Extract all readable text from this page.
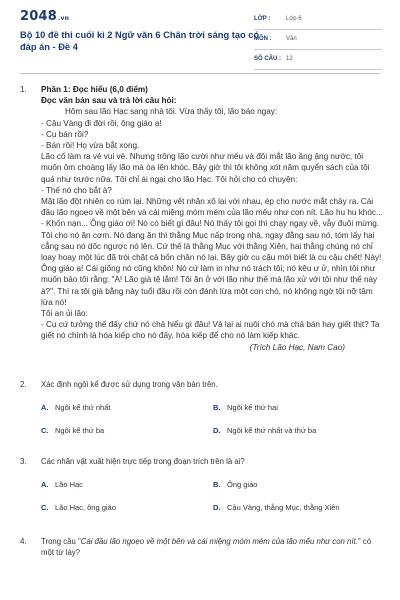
2048.vn
Bộ 10 đề thi cuối kì 2 Ngữ văn 6 Chân trời sáng tạo có đáp án - Đề 4
LỚP :	Lớp 6
MÔN : Văn
SỐ CÂU : 12
1.	Phần 1: Đọc hiểu (6,0 điểm)

Đọc văn bản sau và trả lời câu hỏi:

Hôm sau lão Hạc sang nhà tôi. Vừa thấy tôi, lão báo ngay:

- Cậu Vàng đi đời rồi, ông giáo ạ!

- Cụ bán rồi?

- Bán rồi! Họ vừa bắt xong.

Lão cố làm ra vẻ vui vẻ. Nhưng trông lão cười như mếu và đôi mắt lão ầng ậng nước, tôi muốn ôm choàng lấy lão mà òa lên khóc. Bây giờ thì tôi không xót năm quyển sách của tôi quá như trước nữa. Tôi chỉ ái ngại cho lão Hạc. Tôi hỏi cho có chuyện:

- Thế nó cho bắt à?

Mặt lão đột nhiên co rúm lại. Những vết nhăn xô lại với nhau, ép cho nước mắt chảy ra. Cái đầu lão ngoẹo về một bên và cái miệng móm mém của lão mếu như con nít. Lão hu hu khóc...

- Khốn nạn... Ông giáo ơi! Nó có biết gì đâu! Nó thấy tôi gọi thì chạy ngay về, vẫy đuôi mừng. Tôi cho nó ăn cơm. Nó đang ăn thì thằng Mục nấp trong nhà, ngay đằng sau nó, tóm lấy hai cẳng sau nó dốc ngược nó lên. Cứ thế là thằng Mục với thằng Xiên, hai thằng chúng nó chỉ loay hoay một lúc đã trói chặt cả bốn chân nó lại. Bây giờ cu cậu mới biết là cu cậu chết! Này! Ông giáo ạ! Cái giống nó cũng khôn! Nó cứ làm in như nó trách tôi; nó kêu ư ử, nhìn tôi như muốn bảo tôi rằng: "A! Lão già tệ lắm! Tôi ăn ở với lão như thế mà lão xử với tôi như thế này à?". Thì ra tôi già bằng này tuổi đầu rồi còn đánh lừa một con chó, nó không ngờ tôi nỡ tâm lừa nó!

Tôi an ủi lão:

- Cụ cứ tưởng thế đấy chứ nó chả hiểu gì đâu! Vả lại ai nuôi chó mà chả bán hay giết thịt? Ta giết nó chính là hóa kiếp cho nó đấy, hóa kiếp để cho nó làm kiếp khác.

(Trích Lão Hạc, Nam Cao)

2.	Xác định ngôi kể được sử dụng trong văn bản trên.
A. Ngôi kể thứ nhất	B. Ngôi kể thứ hai
C. Ngôi kể thứ ba	D. Ngôi kể thứ nhất và thứ ba
3.	Các nhân vật xuất hiện trực tiếp trong đoạn trích trên là ai?
A. Lão Hạc	B. Ông giáo
C. Lão Hạc, ông giáo	D. Cậu Vàng, thằng Mục, thằng Xiên
4.	Trong câu "Cái đầu lão ngoẹo về một bên và cái miệng móm mém của lão mếu như con nít." có một từ láy?
